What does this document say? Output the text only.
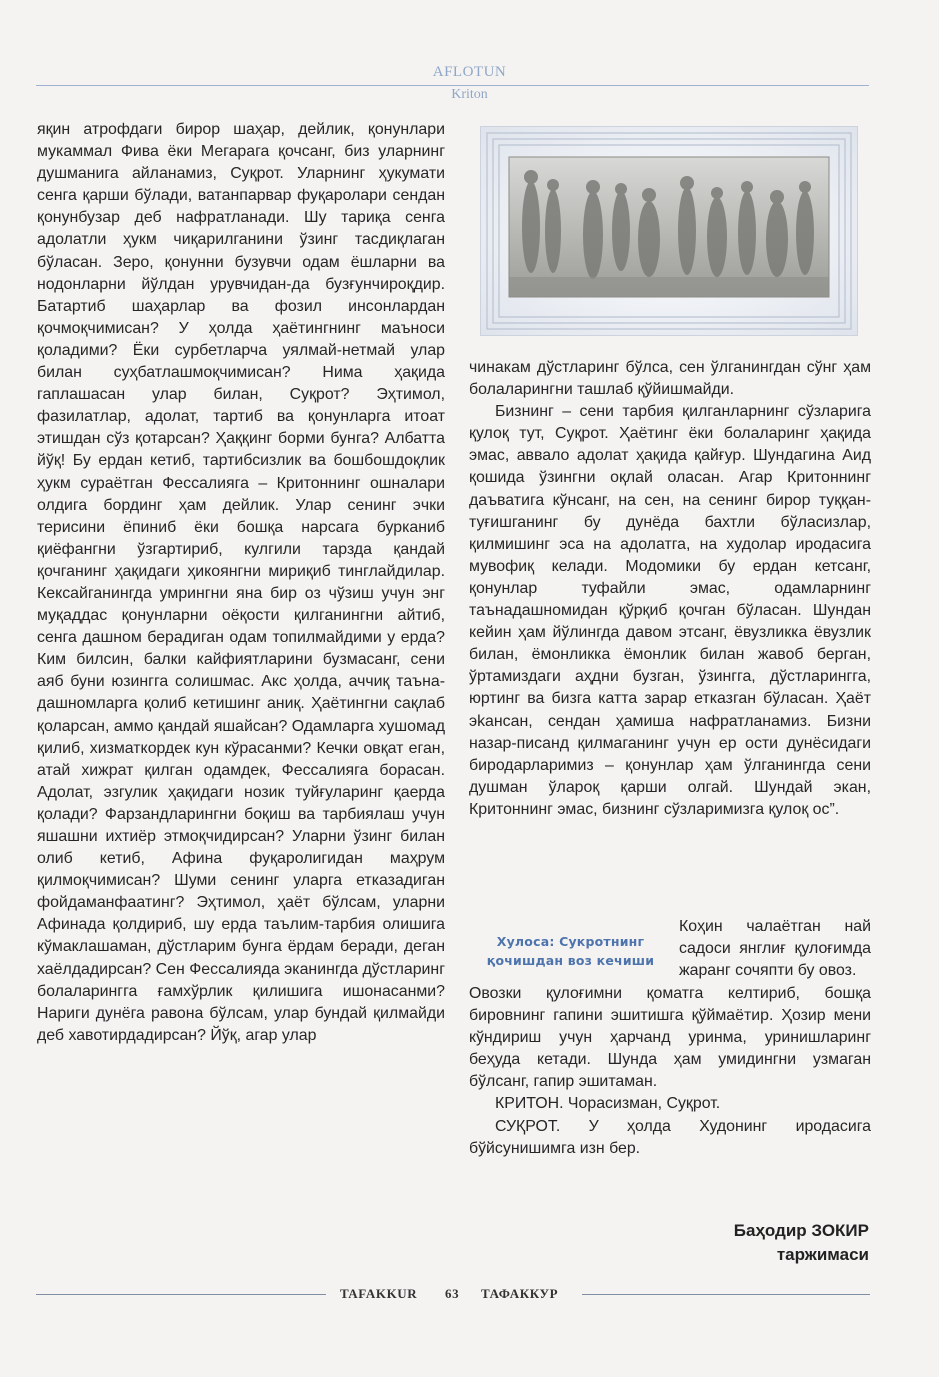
AFLOTUN
Kriton

яқин атрофдаги бирор шаҳар, дейлик, қонунлари мукаммал Фива ёки Мегарага қочсанг, биз уларнинг душманига айланамиз, Суқрот. Уларнинг ҳукумати сенга қарши бўлади, ватанпарвар фуқаролари сендан қонунбузар деб нафратланади. Шу тариқа сенга адолатли ҳукм чиқарилганини ўзинг тасдиқлаган бўласан. Зеро, қонунни бузувчи одам ёшларни ва нодонларни йўлдан урувчидан-да бузғунчироқдир. Батартиб шаҳарлар ва фозил инсонлардан қочмоқчимисан? У ҳолда ҳаётингнинг маъноси қоладими? Ёки сурбетларча уялмай-нетмай улар билан суҳбатлашмоқчимисан? Нима ҳақида гаплашасан улар билан, Суқрот? Эҳтимол, фазилатлар, адолат, тартиб ва қонунларга итоат этишдан сўз қотарсан? Ҳаққинг борми бунга? Албатта йўқ! Бу ердан кетиб, тартибсизлик ва бошбошдоқлик ҳукм сураётган Фессалияга – Критоннинг ошналари олдига бординг ҳам дейлик. Улар сенинг эчки терисини ёпиниб ёки бошқа нарсага бурканиб қиёфангни ўзгартириб, кулгили тарзда қандай қочганинг ҳақидаги ҳикоянгни мириқиб тинглайдилар. Кексайганингда умрингни яна бир оз чўзиш учун энг муқаддас қонунларни оёқости қилганингни айтиб, сенга дашном берадиган одам топилмайдими у ерда? Ким билсин, балки кайфиятларини бузмасанг, сени аяб буни юзингга солишмас. Акс ҳолда, аччиқ таъна-дашномларга қолиб кетишинг аниқ. Ҳаётингни сақлаб қоларсан, аммо қандай яшайсан? Одамларга хушомад қилиб, хизматкордек кун кўрасанми? Кечки овқат еган, атай хижрат қилган одамдек, Фессалияга борасан. Адолат, эзгулик ҳақидаги нозик туйғуларинг қаерда қолади? Фарзандларингни боқиш ва тарбиялаш учун яшашни ихтиёр этмоқчидирсан? Уларни ўзинг билан олиб кетиб, Афина фуқаролигидан маҳрум қилмоқчимисан? Шуми сенинг уларга етказадиган фойдаманфаатинг? Эҳтимол, ҳаёт бўлсам, уларни Афинада қолдириб, шу ерда таълим-тарбия олишига кўмаклашаман, дўстларим бунга ёрдам беради, деган хаёлдадирсан? Сен Фессалияда эканингда дўстларинг болаларингга ғамхўрлик қилишига ишонасанми? Нариги дунёга равона бўлсам, улар бундай қилмайди деб хавотирдадирсан? Йўқ, агар улар

чинакам дўстларинг бўлса, сен ўлганингдан сўнг ҳам болаларингни ташлаб қўйишмайди.

Бизнинг – сени тарбия қилганларнинг сўзларига қулоқ тут, Суқрот. Ҳаётинг ёки болаларинг ҳақида эмас, аввало адолат ҳақида қайғур. Шундагина Аид қошида ўзингни оқлай оласан. Агар Критоннинг даъватига кўнсанг, на сен, на сенинг бирор туққан-туғишганинг бу дунёда бахтли бўласизлар, қилмишинг эса на адолатга, на худолар иродасига мувофиқ келади. Модомики бу ердан кетсанг, қонунлар туфайли эмас, одамларнинг таънадашномидан қўрқиб қочган бўласан. Шундан кейин ҳам йўлингда давом этсанг, ёвузликка ёвузлик билан, ёмонликка ёмонлик билан жавоб берган, ўртамиздаги аҳдни бузган, ўзингга, дўстларингга, юртинг ва бизга катта зарар етказган бўласан. Ҳаёт эkансан, сендан ҳамиша нафратланамиз. Бизни назар-писанд қилмаганинг учун ер ости дунёсидаги биродарларимиз – қонунлар ҳам ўлганингда сени душман ўлароқ қарши олгай. Шундай экан, Критоннинг эмас, бизнинг сўзларимизга қулоқ ос”.

Хулоса: Сукротнинг
қочишдан воз кечиши

Коҳин чалаётган най садоси янглиғ қулоғимда жаранг сочяпти бу овоз.

Овозки қулоғимни қоматга келтириб, бошқа бировнинг гапини эшитишга қўймаётир. Ҳозир мени кўндириш учун ҳарчанд уринма, уринишларинг беҳуда кетади. Шунда ҳам умидингни узмаган бўлсанг, гапир эшитаман.

КРИТОН. Чорасизман, Суқрот.

СУҚРОТ. У ҳолда Худонинг иродасига бўйсунишимга изн бер.

Баҳодир ЗОКИР
таржимаси
TAFAKKUR 63 ТАФАККУР
